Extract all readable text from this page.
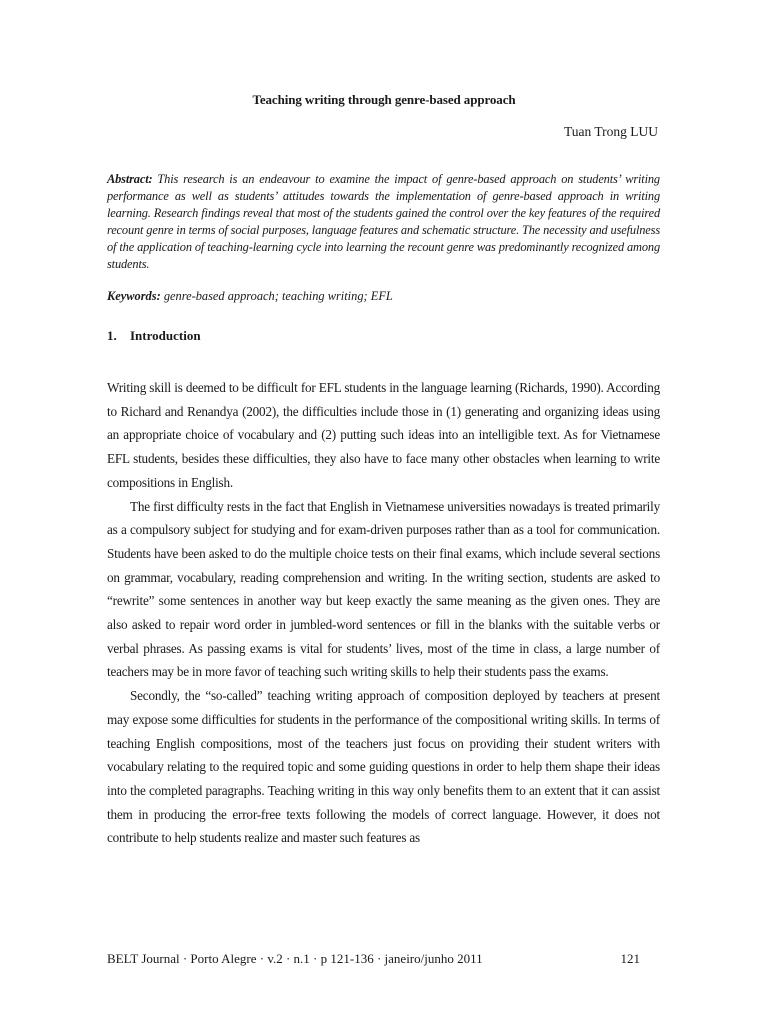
Teaching writing through genre-based approach
Tuan Trong LUU
Abstract: This research is an endeavour to examine the impact of genre-based approach on students’ writing performance as well as students’ attitudes towards the implementation of genre-based approach in writing learning. Research findings reveal that most of the students gained the control over the key features of the required recount genre in terms of social purposes, language features and schematic structure. The necessity and usefulness of the application of teaching-learning cycle into learning the recount genre was predominantly recognized among students.
Keywords: genre-based approach; teaching writing; EFL
1. Introduction

Writing skill is deemed to be difficult for EFL students in the language learning (Richards, 1990). According to Richard and Renandya (2002), the difficulties include those in (1) generating and organizing ideas using an appropriate choice of vocabulary and (2) putting such ideas into an intelligible text. As for Vietnamese EFL students, besides these difficulties, they also have to face many other obstacles when learning to write compositions in English.

The first difficulty rests in the fact that English in Vietnamese universities nowadays is treated primarily as a compulsory subject for studying and for exam-driven purposes rather than as a tool for communication. Students have been asked to do the multiple choice tests on their final exams, which include several sections on grammar, vocabulary, reading comprehension and writing. In the writing section, students are asked to “rewrite” some sentences in another way but keep exactly the same meaning as the given ones. They are also asked to repair word order in jumbled-word sentences or fill in the blanks with the suitable verbs or verbal phrases. As passing exams is vital for students’ lives, most of the time in class, a large number of teachers may be in more favor of teaching such writing skills to help their students pass the exams.

Secondly, the “so-called” teaching writing approach of composition deployed by teachers at present may expose some difficulties for students in the performance of the compositional writing skills. In terms of teaching English compositions, most of the teachers just focus on providing their student writers with vocabulary relating to the required topic and some guiding questions in order to help them shape their ideas into the completed paragraphs. Teaching writing in this way only benefits them to an extent that it can assist them in producing the error-free texts following the models of correct language. However, it does not contribute to help students realize and master such features as

BELT Journal · Porto Alegre · v.2 · n.1 · p 121-136 · janeiro/junho 2011	121
